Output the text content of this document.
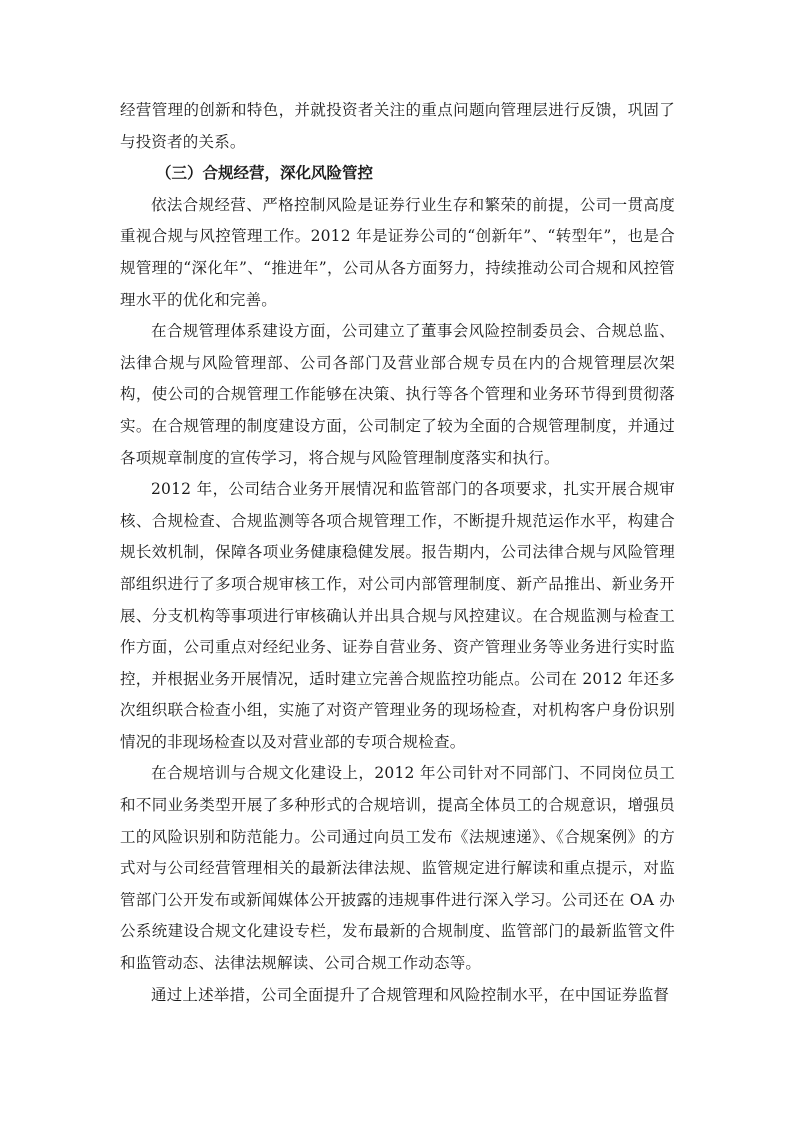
经营管理的创新和特色，并就投资者关注的重点问题向管理层进行反馈，巩固了与投资者的关系。

（三）合规经营，深化风险管控

依法合规经营、严格控制风险是证券行业生存和繁荣的前提，公司一贯高度重视合规与风控管理工作。2012 年是证券公司的“创新年”、“转型年”，也是合规管理的“深化年”、“推进年”，公司从各方面努力，持续推动公司合规和风控管理水平的优化和完善。

在合规管理体系建设方面，公司建立了董事会风险控制委员会、合规总监、法律合规与风险管理部、公司各部门及营业部合规专员在内的合规管理层次架构，使公司的合规管理工作能够在决策、执行等各个管理和业务环节得到贯彻落实。在合规管理的制度建设方面，公司制定了较为全面的合规管理制度，并通过各项规章制度的宣传学习，将合规与风险管理制度落实和执行。

2012 年，公司结合业务开展情况和监管部门的各项要求，扎实开展合规审核、合规检查、合规监测等各项合规管理工作，不断提升规范运作水平，构建合规长效机制，保障各项业务健康稳健发展。报告期内，公司法律合规与风险管理部组织进行了多项合规审核工作，对公司内部管理制度、新产品推出、新业务开展、分支机构等事项进行审核确认并出具合规与风控建议。在合规监测与检查工作方面，公司重点对经纪业务、证券自营业务、资产管理业务等业务进行实时监控，并根据业务开展情况，适时建立完善合规监控功能点。公司在 2012 年还多次组织联合检查小组，实施了对资产管理业务的现场检查，对机构客户身份识别情况的非现场检查以及对营业部的专项合规检查。

在合规培训与合规文化建设上，2012 年公司针对不同部门、不同岗位员工和不同业务类型开展了多种形式的合规培训，提高全体员工的合规意识，增强员工的风险识别和防范能力。公司通过向员工发布《法规速递》、《合规案例》的方式对与公司经营管理相关的最新法律法规、监管规定进行解读和重点提示，对监管部门公开发布或新闻媒体公开披露的违规事件进行深入学习。公司还在 OA 办公系统建设合规文化建设专栏，发布最新的合规制度、监管部门的最新监管文件和监管动态、法律法规解读、公司合规工作动态等。

通过上述举措，公司全面提升了合规管理和风险控制水平，在中国证券监督
